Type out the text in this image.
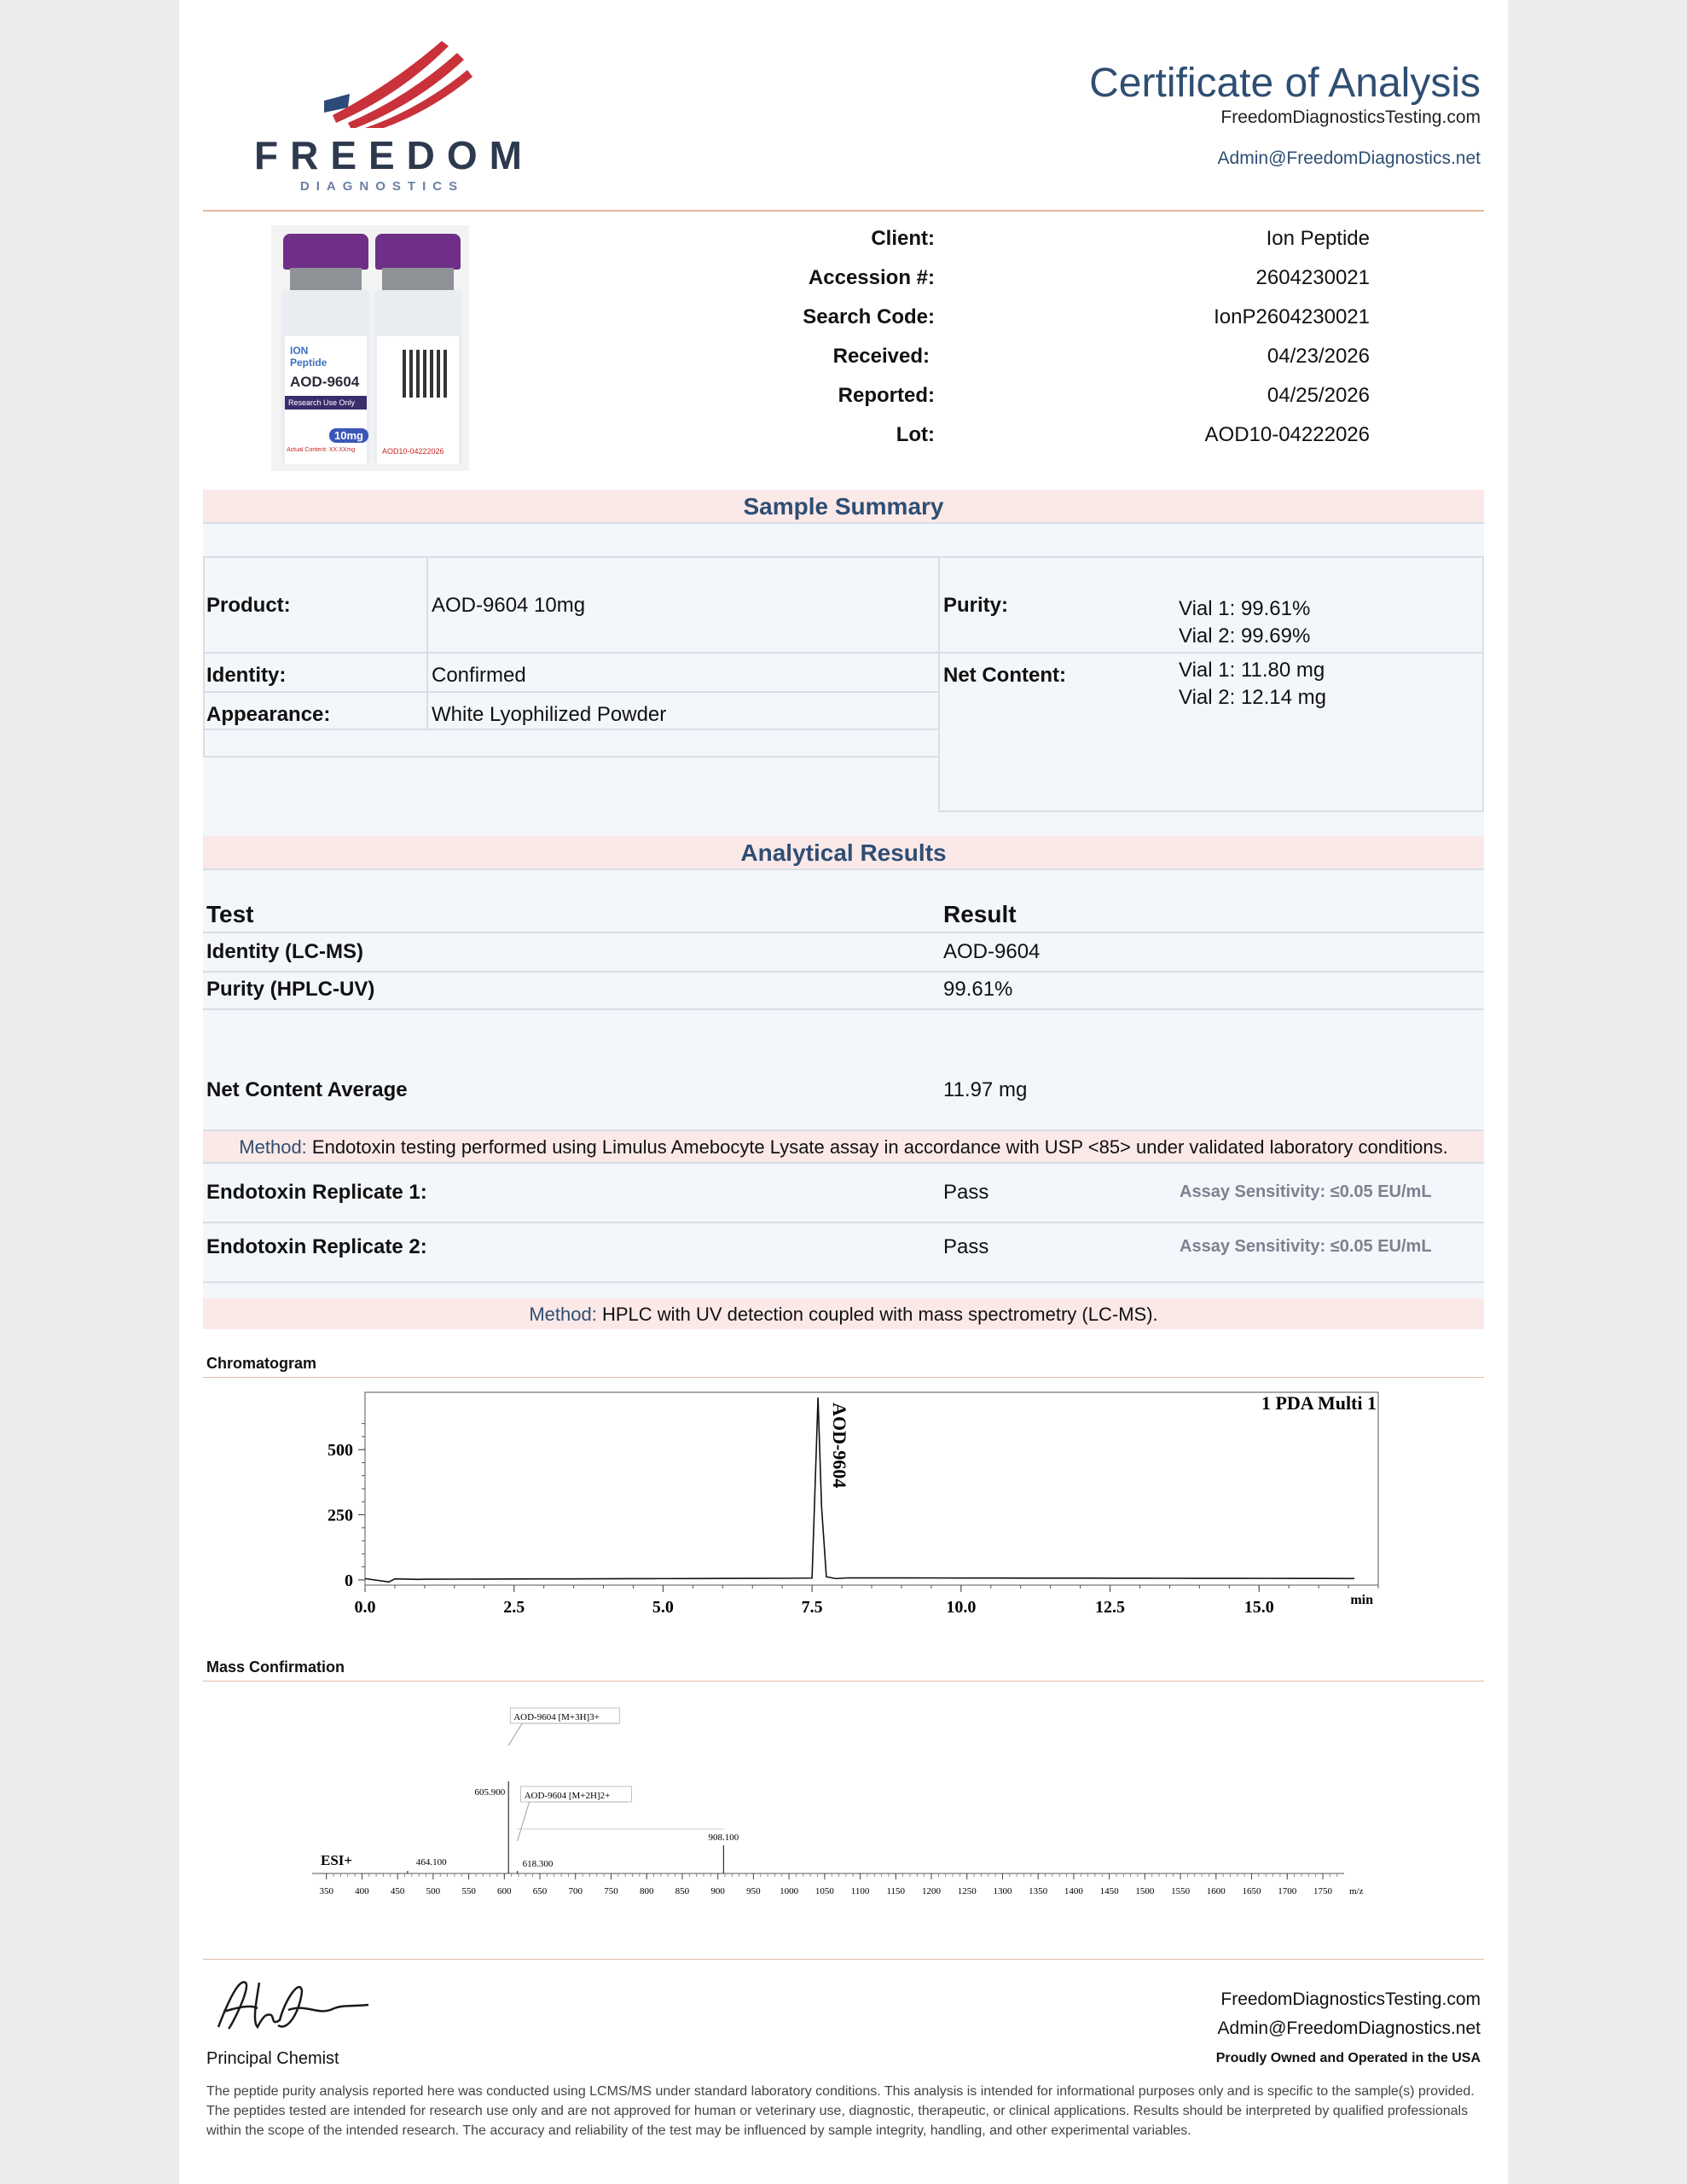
FREEDOM
DIAGNOSTICS
Certificate of Analysis
FreedomDiagnosticsTesting.com
Admin@FreedomDiagnostics.net
ION Peptide
AOD-9604
Research Use Only
10mg
Actual Content: XX.XXmg	AOD10-04222026
Client:	Ion Peptide
Accession #:	2604230021
Search Code:	IonP2604230021
Received:	04/23/2026
Reported:	04/25/2026
Lot:	AOD10-04222026
Sample Summary
Product:	AOD-9604 10mg
Identity:	Confirmed
Appearance:	White Lyophilized Powder
Purity:	Vial 1: 99.61%
Vial 2: 99.69%
Net Content:	Vial 1: 11.80 mg
Vial 2: 12.14 mg
Analytical Results
Test	Result
Identity (LC-MS)	AOD-9604
Purity (HPLC-UV)	99.61%
Net Content Average	11.97 mg
Method: Endotoxin testing performed using Limulus Amebocyte Lysate assay in accordance with USP <85> under validated laboratory conditions.
Endotoxin Replicate 1:	Pass	Assay Sensitivity: ≤0.05 EU/mL
Endotoxin Replicate 2:	Pass	Assay Sensitivity: ≤0.05 EU/mL
Method: HPLC with UV detection coupled with mass spectrometry (LC-MS).
Chromatogram
0
250
500
0.0	2.5	5.0	7.5	10.0	12.5	15.0	min
1 PDA Multi 1
AOD-9604
Mass Confirmation
350 400 450 500 550 600 650 700 750 800 850 900 950 1000 1050 1100 1150 1200 1250 1300 1350 1400 1450 1500 1550 1600 1650 1700 1750 m/z
ESI+	464.100
605.900
618.300
908.100
AOD-9604 [M+3H]3+
AOD-9604 [M+2H]2+
Principal Chemist
FreedomDiagnosticsTesting.com
Admin@FreedomDiagnostics.net
Proudly Owned and Operated in the USA
The peptide purity analysis reported here was conducted using LCMS/MS under standard laboratory conditions. This analysis is intended for informational purposes only and is specific to the sample(s) provided. The peptides tested are intended for research use only and are not approved for human or veterinary use, diagnostic, therapeutic, or clinical applications. Results should be interpreted by qualified professionals within the scope of the intended research. The accuracy and reliability of the test may be influenced by sample integrity, handling, and other experimental variables.
